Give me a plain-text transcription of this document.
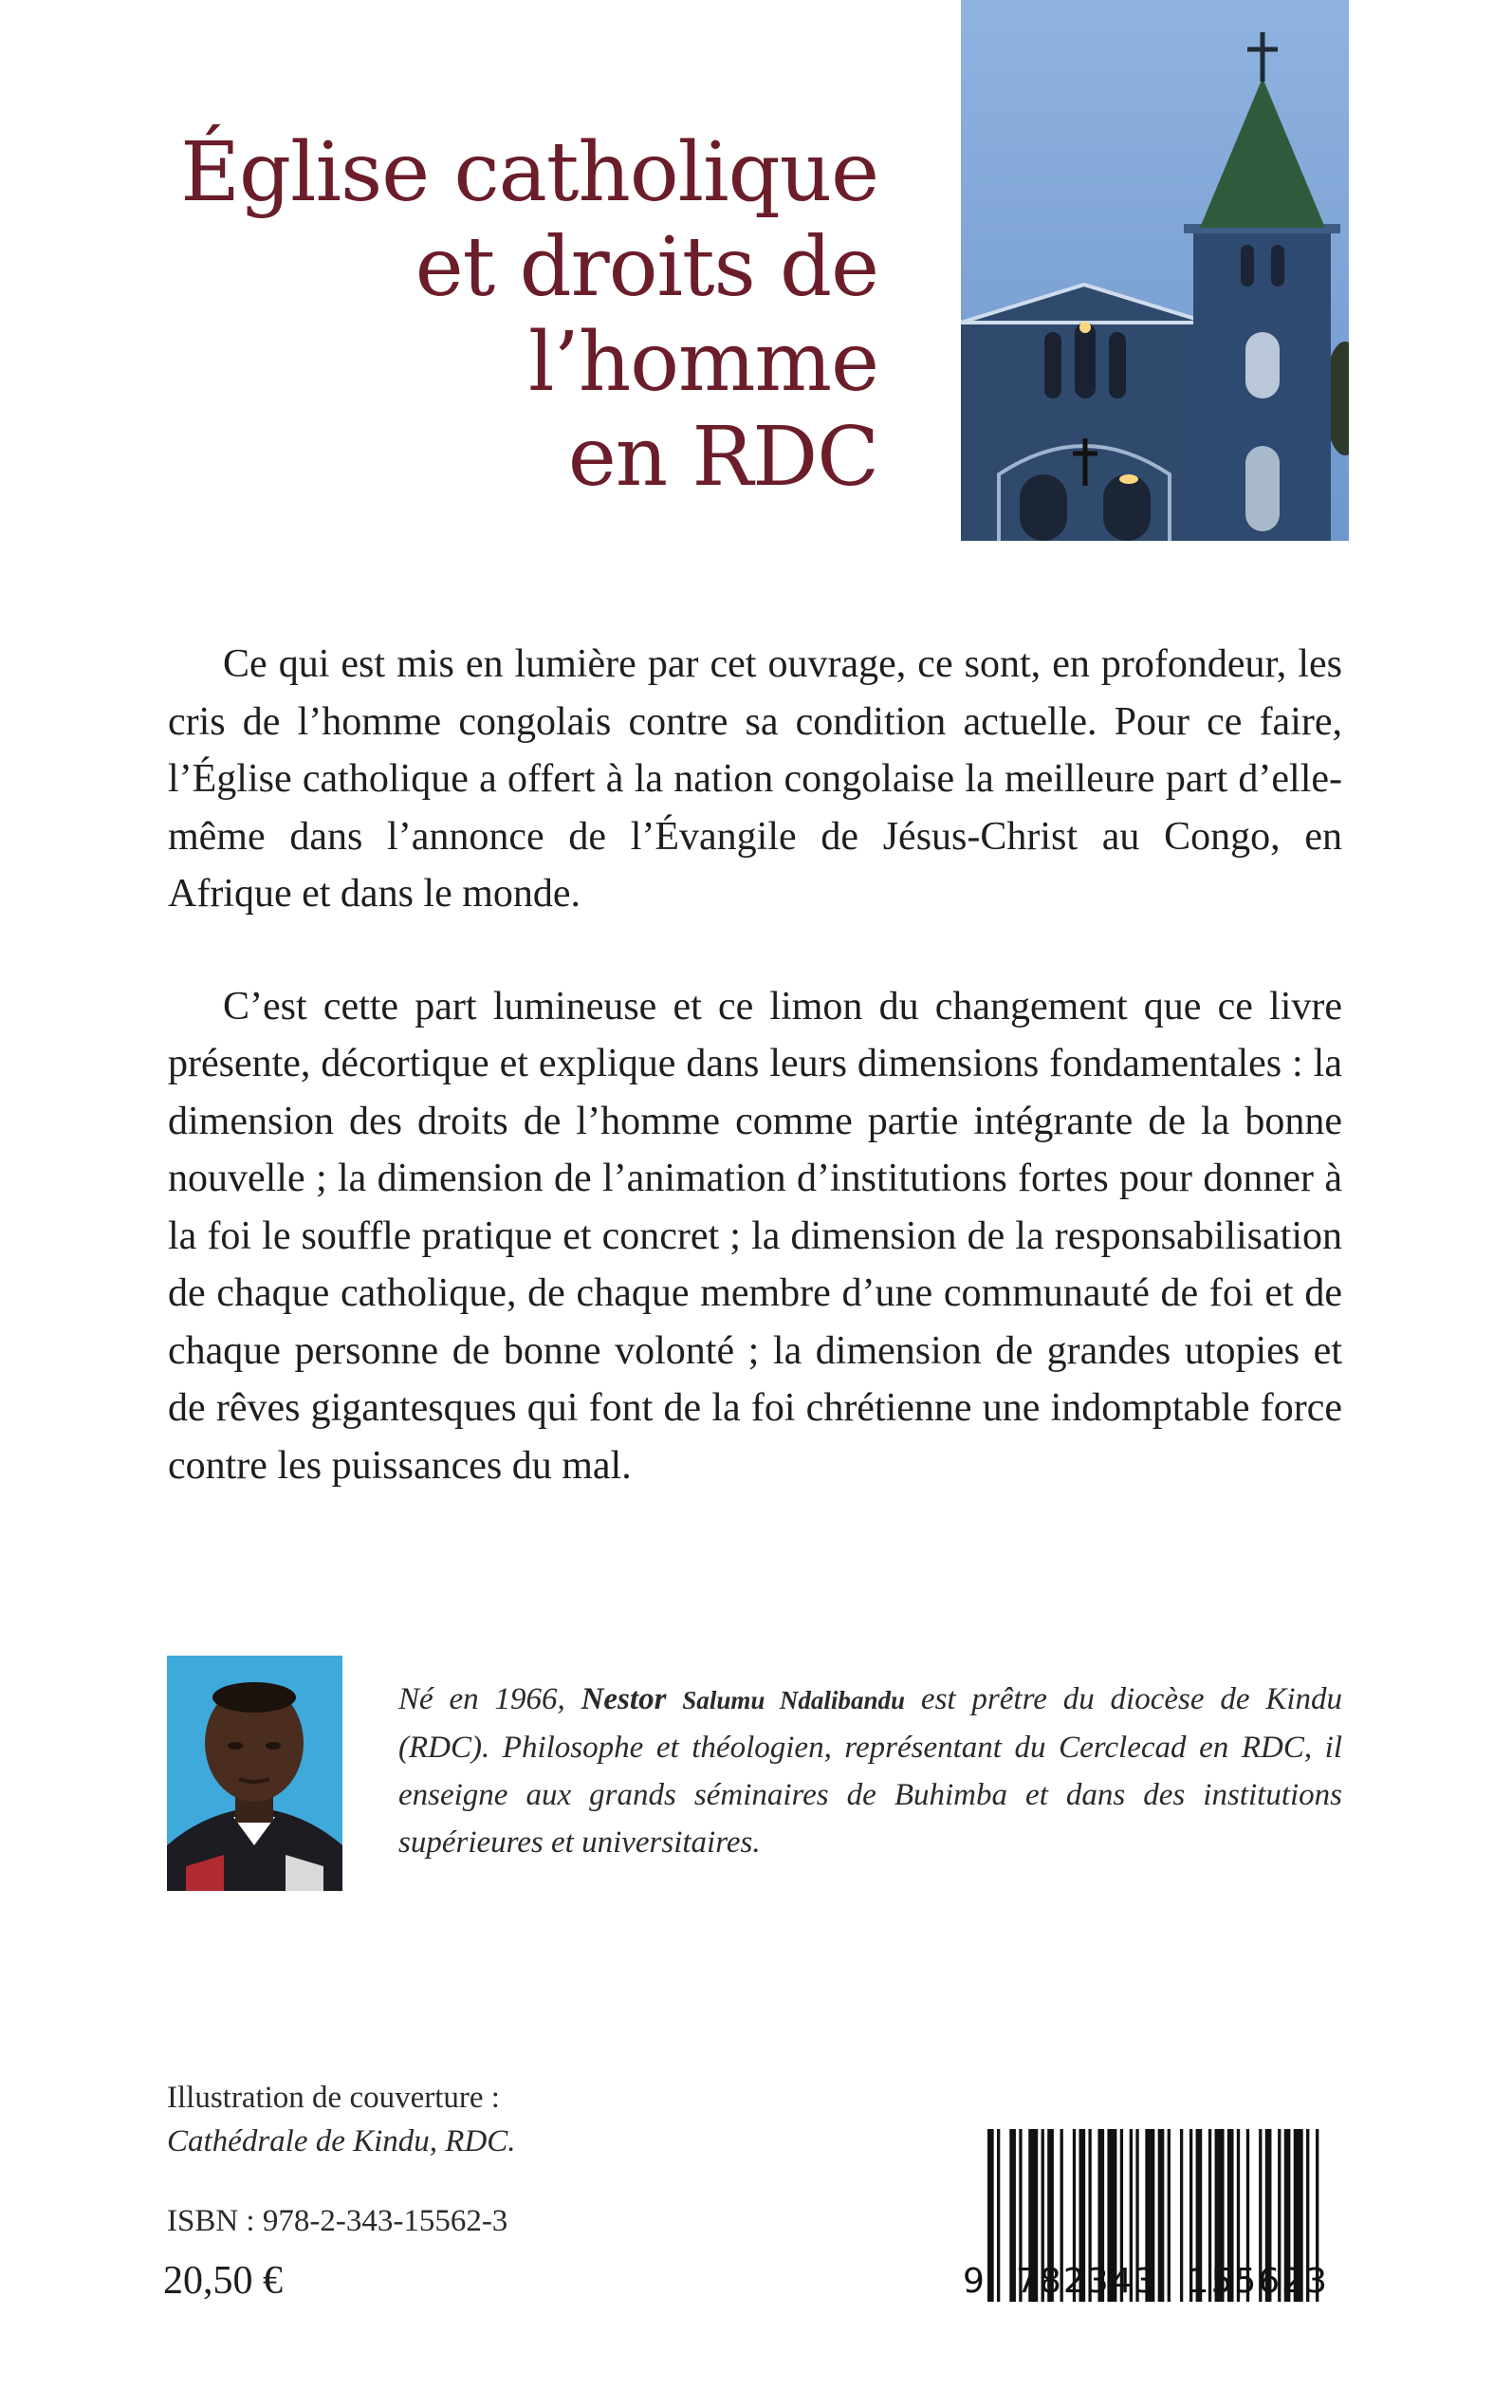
Église catholique
et droits de l’homme
en RDC

Ce qui est mis en lumière par cet ouvrage, ce sont, en profondeur, les cris de l’homme congolais contre sa condition actuelle. Pour ce faire, l’Église catholique a offert à la nation congolaise la meilleure part d’elle-même dans l’annonce de l’Évangile de Jésus-Christ au Congo, en Afrique et dans le monde.

C’est cette part lumineuse et ce limon du changement que ce livre présente, décortique et explique dans leurs dimensions fondamentales : la dimension des droits de l’homme comme partie intégrante de la bonne nouvelle ; la dimension de l’animation d’institutions fortes pour donner à la foi le souffle pratique et concret ; la dimension de la responsabilisation de chaque catholique, de chaque membre d’une communauté de foi et de chaque personne de bonne volonté ; la dimension de grandes utopies et de rêves gigantesques qui font de la foi chrétienne une indomptable force contre les puissances du mal.

Né en 1966, Nestor Salumu Ndalibandu est prêtre du diocèse de Kindu (RDC). Philosophe et théologien, représentant du Cerclecad en RDC, il enseigne aux grands séminaires de Buhimba et dans des institutions supérieures et universitaires.
Illustration de couverture :
Cathédrale de Kindu, RDC.
ISBN : 978-2-343-15562-3
20,50 €	9 782343 155623
